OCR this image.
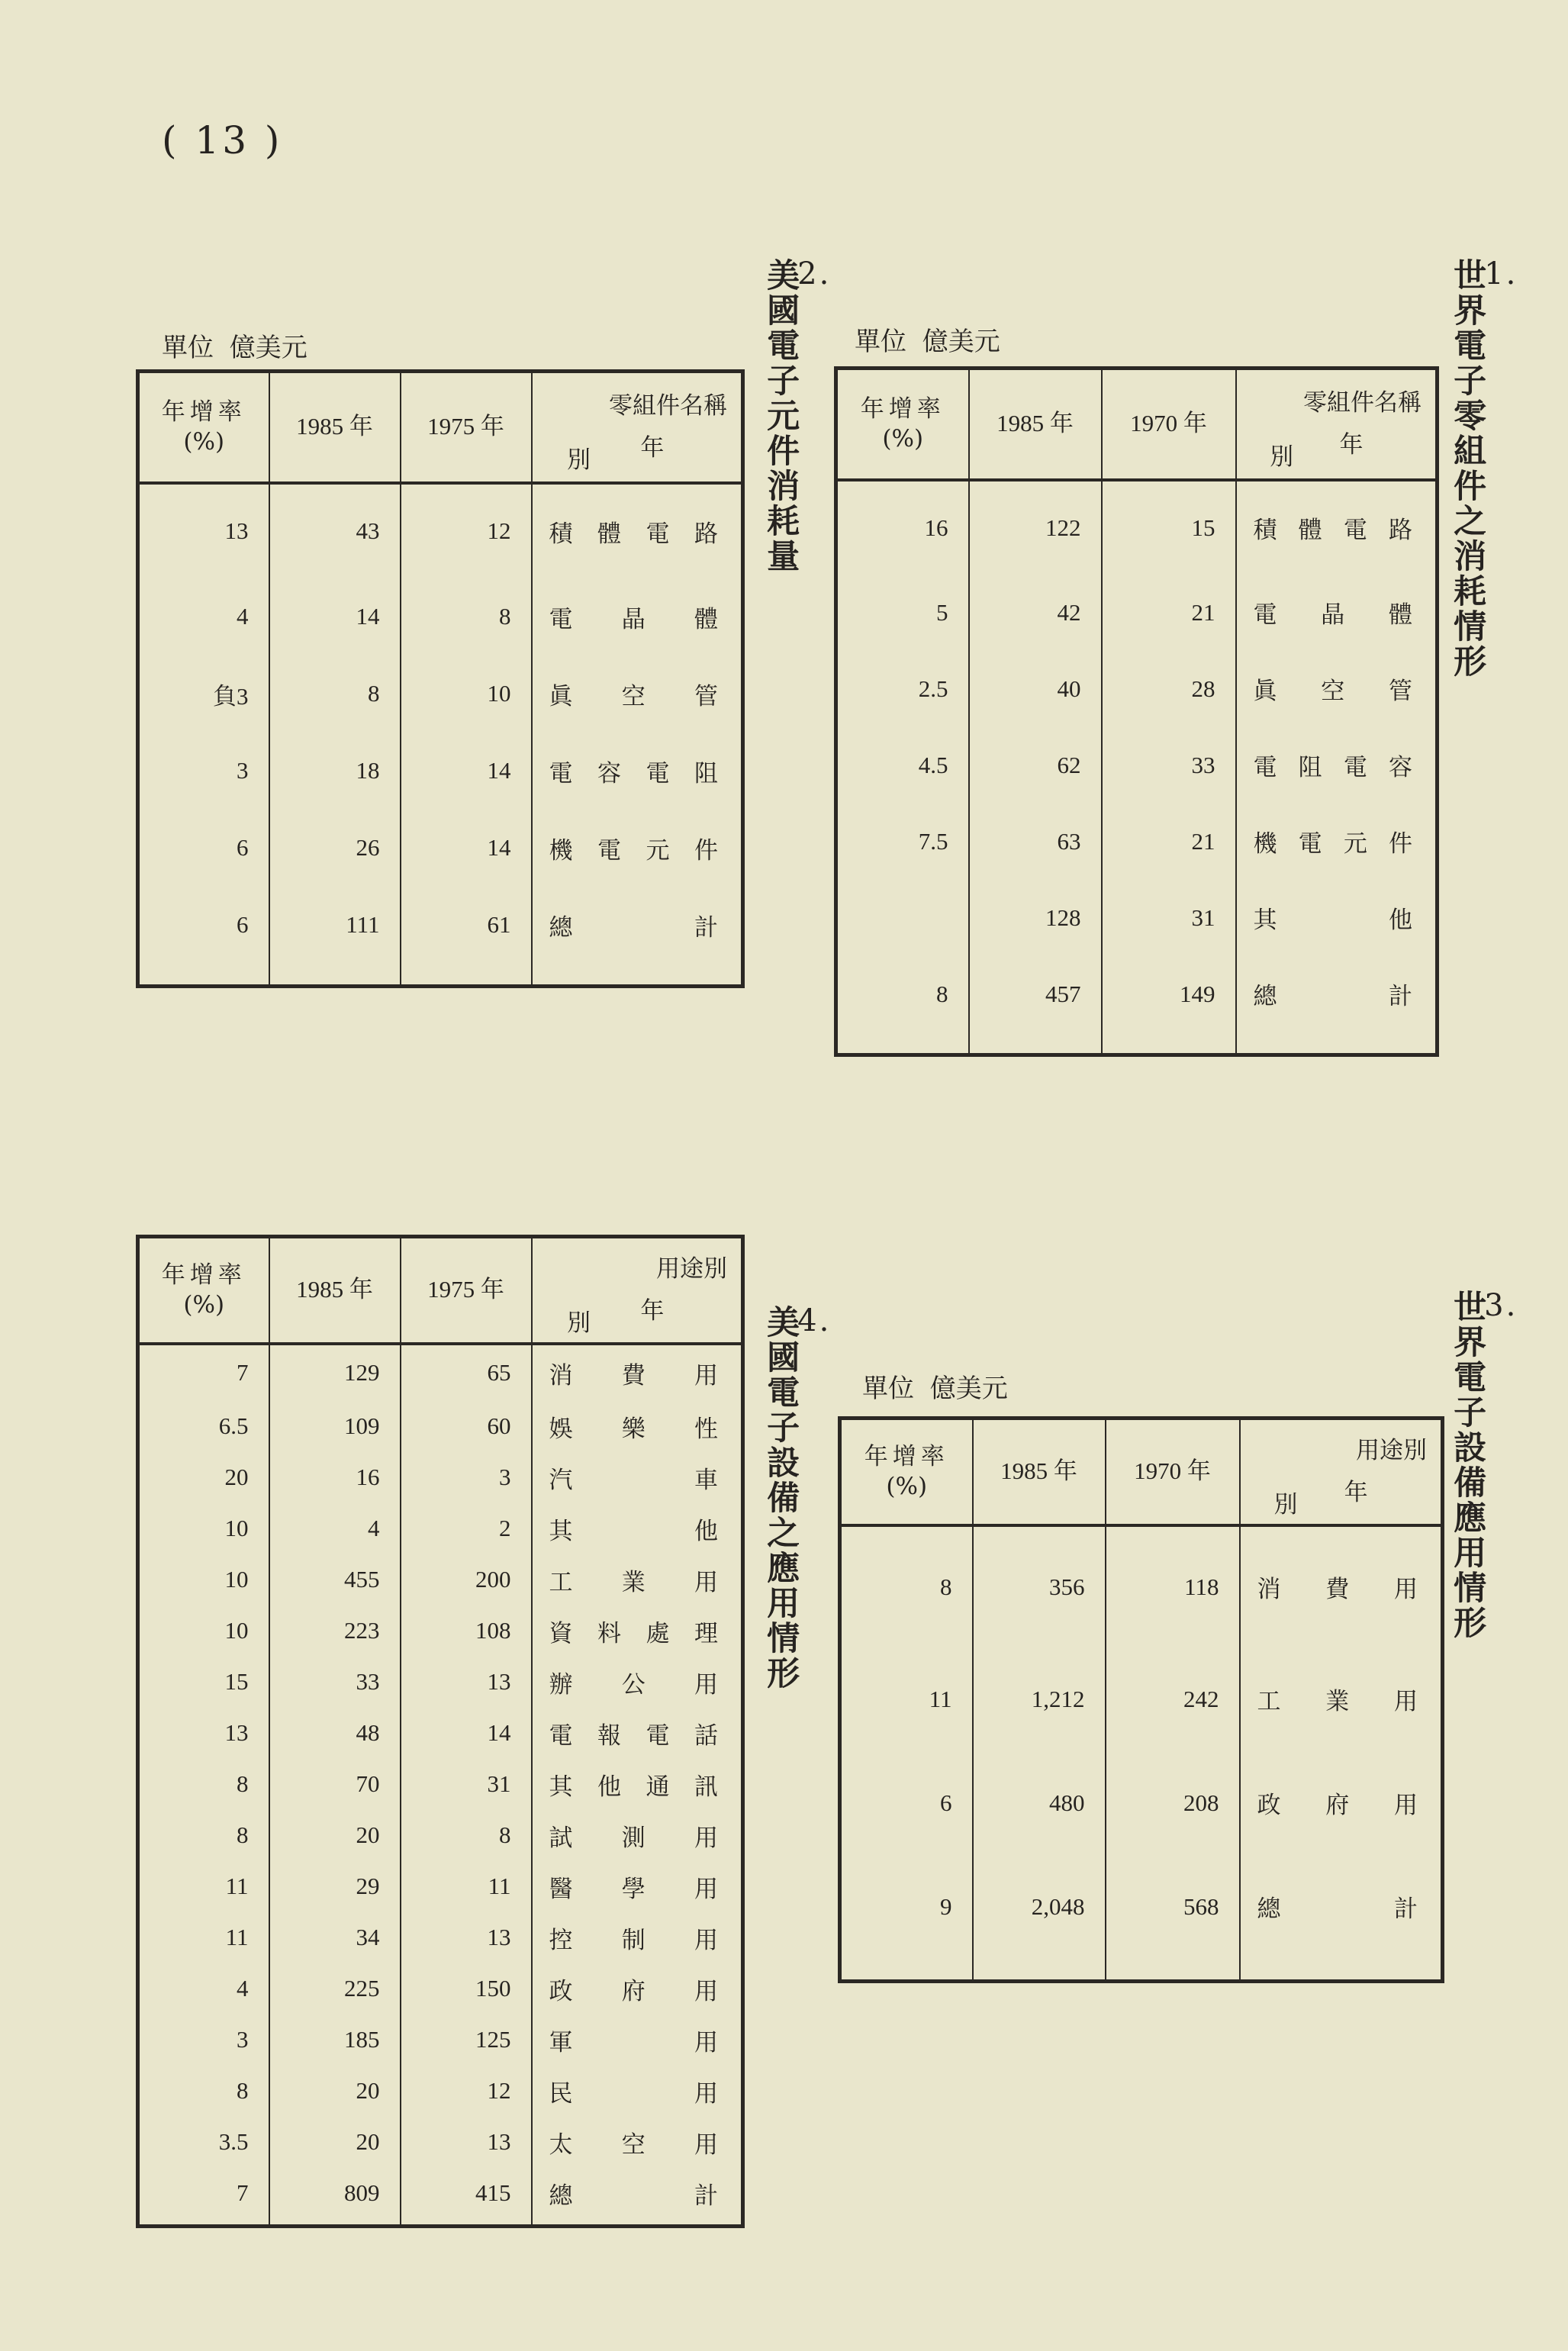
( 13 )
1.
世界電子零組件之消耗情形
2.
美國電子元件消耗量
3.
世界電子設備應用情形
4.
美國電子設備之應用情形
單位 億美元	單位 億美元
單位 億美元
年增率
(%)	1985 年	1975 年	年
別
零組件名稱

13	43	12	積體電路
4	14	8	電晶體
負3	8	10	眞空管
3	18	14	電容電阻
6	26	14	機電元件
6	111	61	總計

年增率
(%)	1985 年	1970 年	年
別
零組件名稱

16	122	15	積體電路
5	42	21	電晶體
2.5	40	28	眞空管
4.5	62	33	電阻電容
7.5	63	21	機電元件
	128	31	其他
8	457	149	總計

年增率
(%)	1985 年	1975 年	年
別
用途別

7	129	65	消費用
6.5	109	60	娛樂性
20	16	3	汽車
10	4	2	其他
10	455	200	工業用
10	223	108	資料處理
15	33	13	辦公用
13	48	14	電報電話
8	70	31	其他通訊
8	20	8	試測用
11	29	11	醫學用
11	34	13	控制用
4	225	150	政府用
3	185	125	軍用
8	20	12	民用
3.5	20	13	太空用
7	809	415	總計

年增率
(%)	1985 年	1970 年	年
別
用途別

8	356	118	消費用
11	1,212	242	工業用
6	480	208	政府用
9	2,048	568	總計
